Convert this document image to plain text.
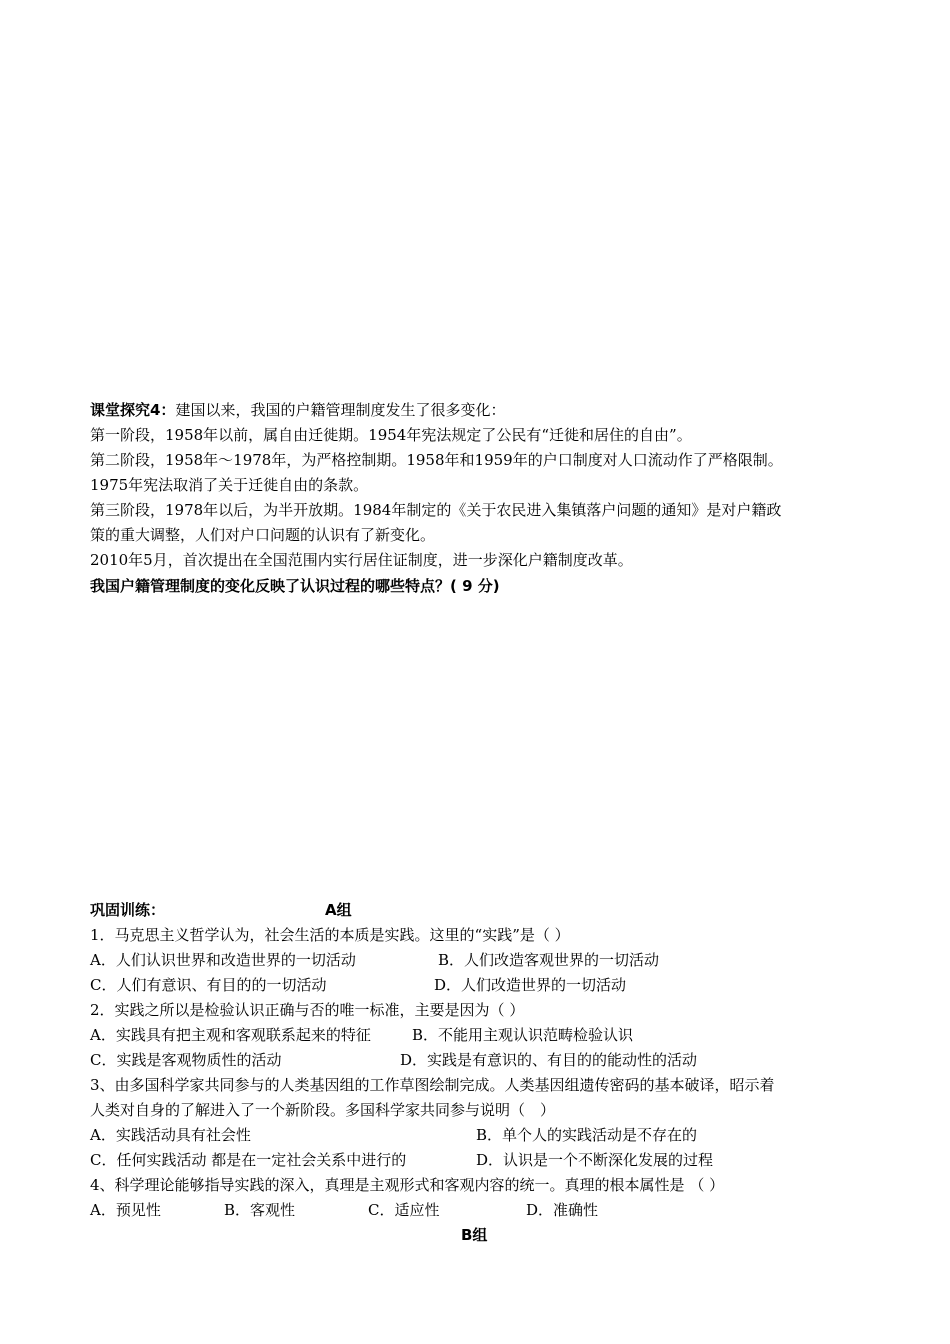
课堂探究4：建国以来，我国的户籍管理制度发生了很多变化：
第一阶段，1958年以前，属自由迁徙期。1954年宪法规定了公民有“迁徙和居住的自由”。
第二阶段，1958年～1978年，为严格控制期。1958年和1959年的户口制度对人口流动作了严格限制。
1975年宪法取消了关于迁徙自由的条款。
第三阶段，1978年以后，为半开放期。1984年制定的《关于农民进入集镇落户问题的通知》是对户籍政
策的重大调整，人们对户口问题的认识有了新变化。
2010年5月，首次提出在全国范围内实行居住证制度，进一步深化户籍制度改革。
我国户籍管理制度的变化反映了认识过程的哪些特点？( 9 分)
巩固训练：	A组
1．马克思主义哲学认为，社会生活的本质是实践。这里的“实践”是（ ）
A．人们认识世界和改造世界的一切活动	B．人们改造客观世界的一切活动
C．人们有意识、有目的的一切活动	D．人们改造世界的一切活动
2．实践之所以是检验认识正确与否的唯一标准，主要是因为（ ）
A．实践具有把主观和客观联系起来的特征	B．不能用主观认识范畴检验认识
C．实践是客观物质性的活动	D．实践是有意识的、有目的的能动性的活动
3、由多国科学家共同参与的人类基因组的工作草图绘制完成。人类基因组遗传密码的基本破译，昭示着
人类对自身的了解进入了一个新阶段。多国科学家共同参与说明（　）
A．实践活动具有社会性	B．单个人的实践活动是不存在的
C．任何实践活动 都是在一定社会关系中进行的	D．认识是一个不断深化发展的过程
4、科学理论能够指导实践的深入，真理是主观形式和客观内容的统一。真理的根本属性是 （ ）
A．预见性	B．客观性	C．适应性	D．准确性
B组
